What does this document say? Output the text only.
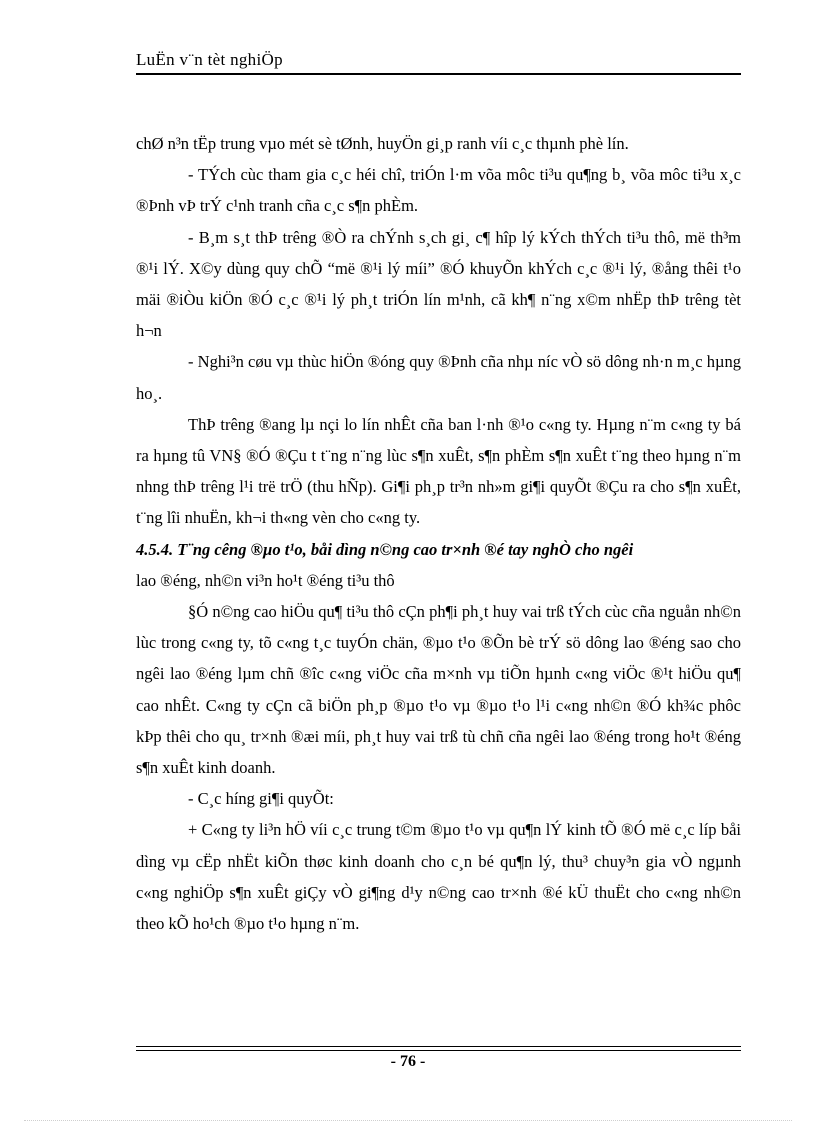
LuËn v¨n tèt nghiÖp

chØ n³n tËp trung vµo mét sè tØnh, huyÖn gi¸p ranh víi c¸c thµnh phè lín.

- TÝch cùc tham gia c¸c héi chî, triÓn l·m võa môc ti³u qu¶ng b¸ võa môc ti³u x¸c ®Þnh vÞ trÝ c¹nh tranh cña c¸c s¶n phÈm.

- B¸m s¸t thÞ trêng ®Ò ra chÝnh s¸ch gi¸ c¶ hîp lý kÝch thÝch ti³u thô, më th³m ®¹i lÝ. X©y dùng quy chÕ “më ®¹i lý míi” ®Ó khuyÕn khÝch c¸c ®¹i lý, ®ång thêi t¹o mäi ®iÒu kiÖn ®Ó c¸c ®¹i lý ph¸t triÓn lín m¹nh, cã kh¶ n¨ng x©m nhËp thÞ trêng tèt h¬n

- Nghi³n cøu vµ thùc hiÖn ®óng quy ®Þnh cña nhµ níc vÒ sö dông nh·n m¸c hµng ho¸.

ThÞ trêng ®ang lµ nçi lo lín nhÊt cña ban l·nh ®¹o c«ng ty. Hµng n¨m c«ng ty bá ra hµng tû VN§ ®Ó ®Çu t t¨ng n¨ng lùc s¶n xuÊt, s¶n phÈm s¶n xuÊt t¨ng theo hµng n¨m nhng thÞ trêng l¹i trë trÖ (thu hÑp). Gi¶i ph¸p tr³n nh»m gi¶i quyÕt ®Çu ra cho s¶n xuÊt, t¨ng lîi nhuËn, kh¬i th«ng vèn cho c«ng ty.

4.5.4. T¨ng cêng ®µo t¹o, båi dìng n©ng cao tr×nh ®é tay nghÒ cho ngêi

lao ®éng, nh©n vi³n ho¹t ®éng ti³u thô

§Ó n©ng cao hiÖu qu¶ ti³u thô cÇn ph¶i ph¸t huy vai trß tÝch cùc cña nguån nh©n lùc trong c«ng ty, tõ c«ng t¸c tuyÓn chän, ®µo t¹o ®Õn bè trÝ sö dông lao ®éng sao cho ngêi lao ®éng lµm chñ ®îc c«ng viÖc cña m×nh vµ tiÕn hµnh c«ng viÖc ®¹t hiÖu qu¶ cao nhÊt. C«ng ty cÇn cã biÖn ph¸p ®µo t¹o vµ ®µo t¹o l¹i c«ng nh©n ®Ó kh¾c phôc kÞp thêi cho qu¸ tr×nh ®æi míi, ph¸t huy vai trß tù chñ cña ngêi lao ®éng trong ho¹t ®éng s¶n xuÊt kinh doanh.

- C¸c híng gi¶i quyÕt:

+ C«ng ty li³n hÖ víi c¸c trung t©m ®µo t¹o vµ qu¶n lÝ kinh tÕ ®Ó më c¸c líp båi dìng vµ cËp nhËt kiÕn thøc kinh doanh cho c¸n bé qu¶n lý, thu³ chuy³n gia vÒ ngµnh c«ng nghiÖp s¶n xuÊt giÇy vÒ gi¶ng d¹y n©ng cao tr×nh ®é kÜ thuËt cho c«ng nh©n theo kÕ ho¹ch ®µo t¹o hµng n¨m.

- 76 -
